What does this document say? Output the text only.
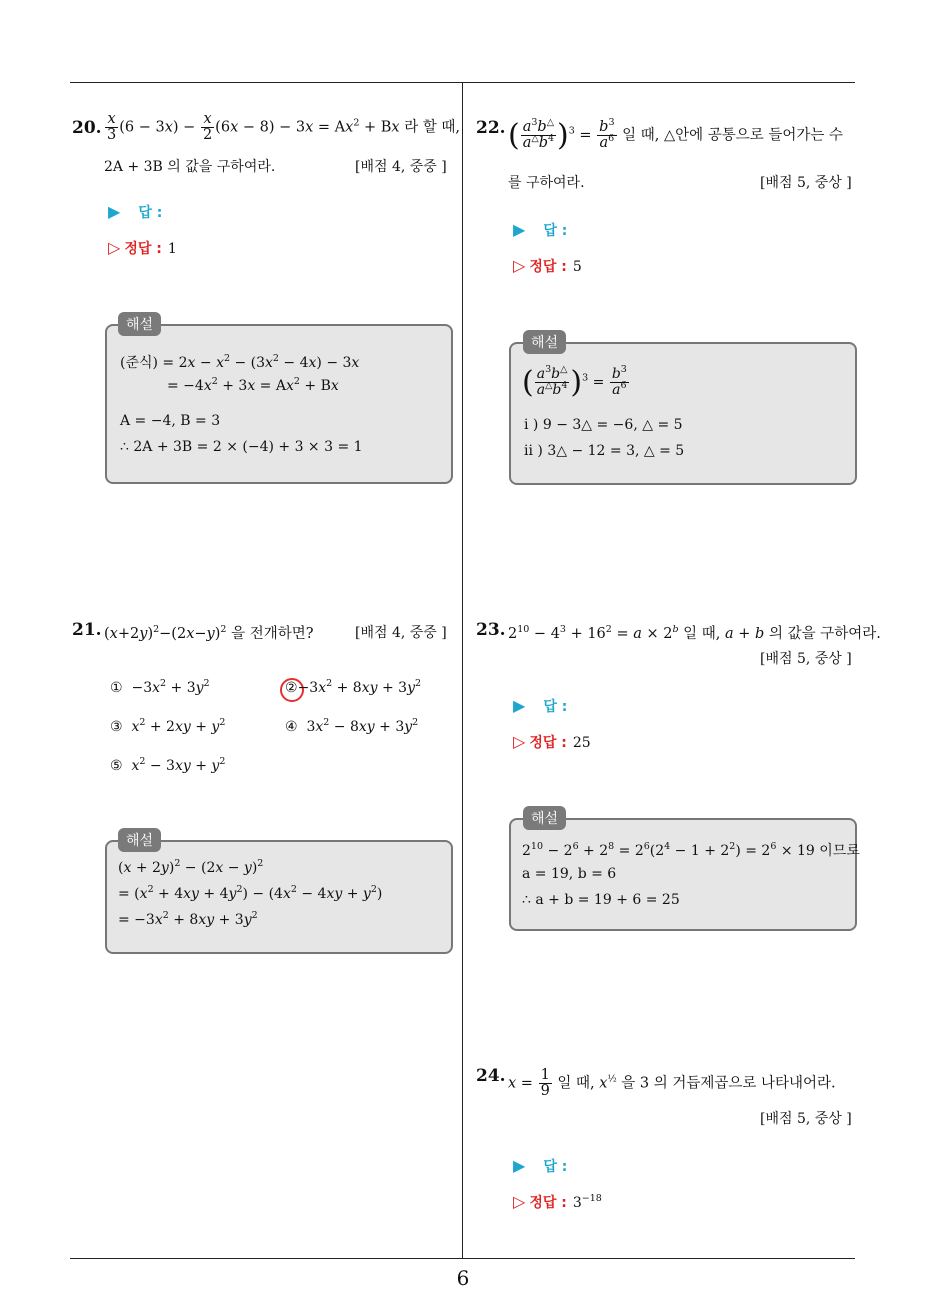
20. $\frac{x}{3} (6 - 3x) - \frac{x}{2} (6x - 8) - 3x = Ax^2 + Bx$ 라 할 때,
2A + 3B 의 값을 구하여라.	[배점 4, 중중 ]
▶ 답 :
▷ 정답 : 1
해설
(준식) = $2x - x^2 - (3x^2 - 4x) - 3x$
= $-4x^2 + 3x = Ax^2 + Bx$
A = −4, B = 3
∴ 2A + 3B = 2 × (−4) + 3 × 3 = 1
21. $(x+2y)^2-(2x-y)^2$ 을 전개하면?	[배점 4, 중중 ]
①  $-3x^2 + 3y^2$	$②-3x^2 + 8xy + 3y^2$
③ $x^2 + 2xy + y^2$	④  $3x^2 - 8xy + 3y^2$
⑤ $x^2 - 3xy + y^2$
해설
$(x + 2y)^2 - (2x - y)^2$
= $(x^2 + 4xy + 4y^2) - (4x^2 - 4xy + y^2)$
= $-3x^2 + 8xy + 3y^2$
22. ( $\frac{a^3b^\triangle}{a^\triangle b^4} )^3 = \frac{b^3}{a^6}$ 일 때, △안에 공통으로 들어가는 수
를 구하여라.	[배점 5, 중상 ]
▶ 답 :
▷ 정답 : 5
해설
( $\frac{a^3b^\triangle}{a^\triangle b^4} )^3 = \frac{b^3}{a^6}$
i ) 9 − 3△ = −6, △ = 5
ii ) 3△ − 12 = 3, △ = 5
23. $2^{10} - 4^3 + 16^2 = a \times 2^b$ 일 때, a + b 의 값을 구하여라.
[배점 5, 중상 ]
▶ 답 :
▷ 정답 : 25
해설
$2^{10} - 2^6 + 2^8 = 2^6(2^4 - 1 + 2^2) = 2^6 \times 19$ 이므로
a = 19, b = 6
∴ a + b = 19 + 6 = 25
24. $x = \frac{1}{9}$ 일 때, $x^{\frac{1}{2}}$ 을 3 의 거듭제곱으로 나타내어라.
[배점 5, 중상 ]
▶ 답 :
▷ 정답 : $3^{-18}$
6
